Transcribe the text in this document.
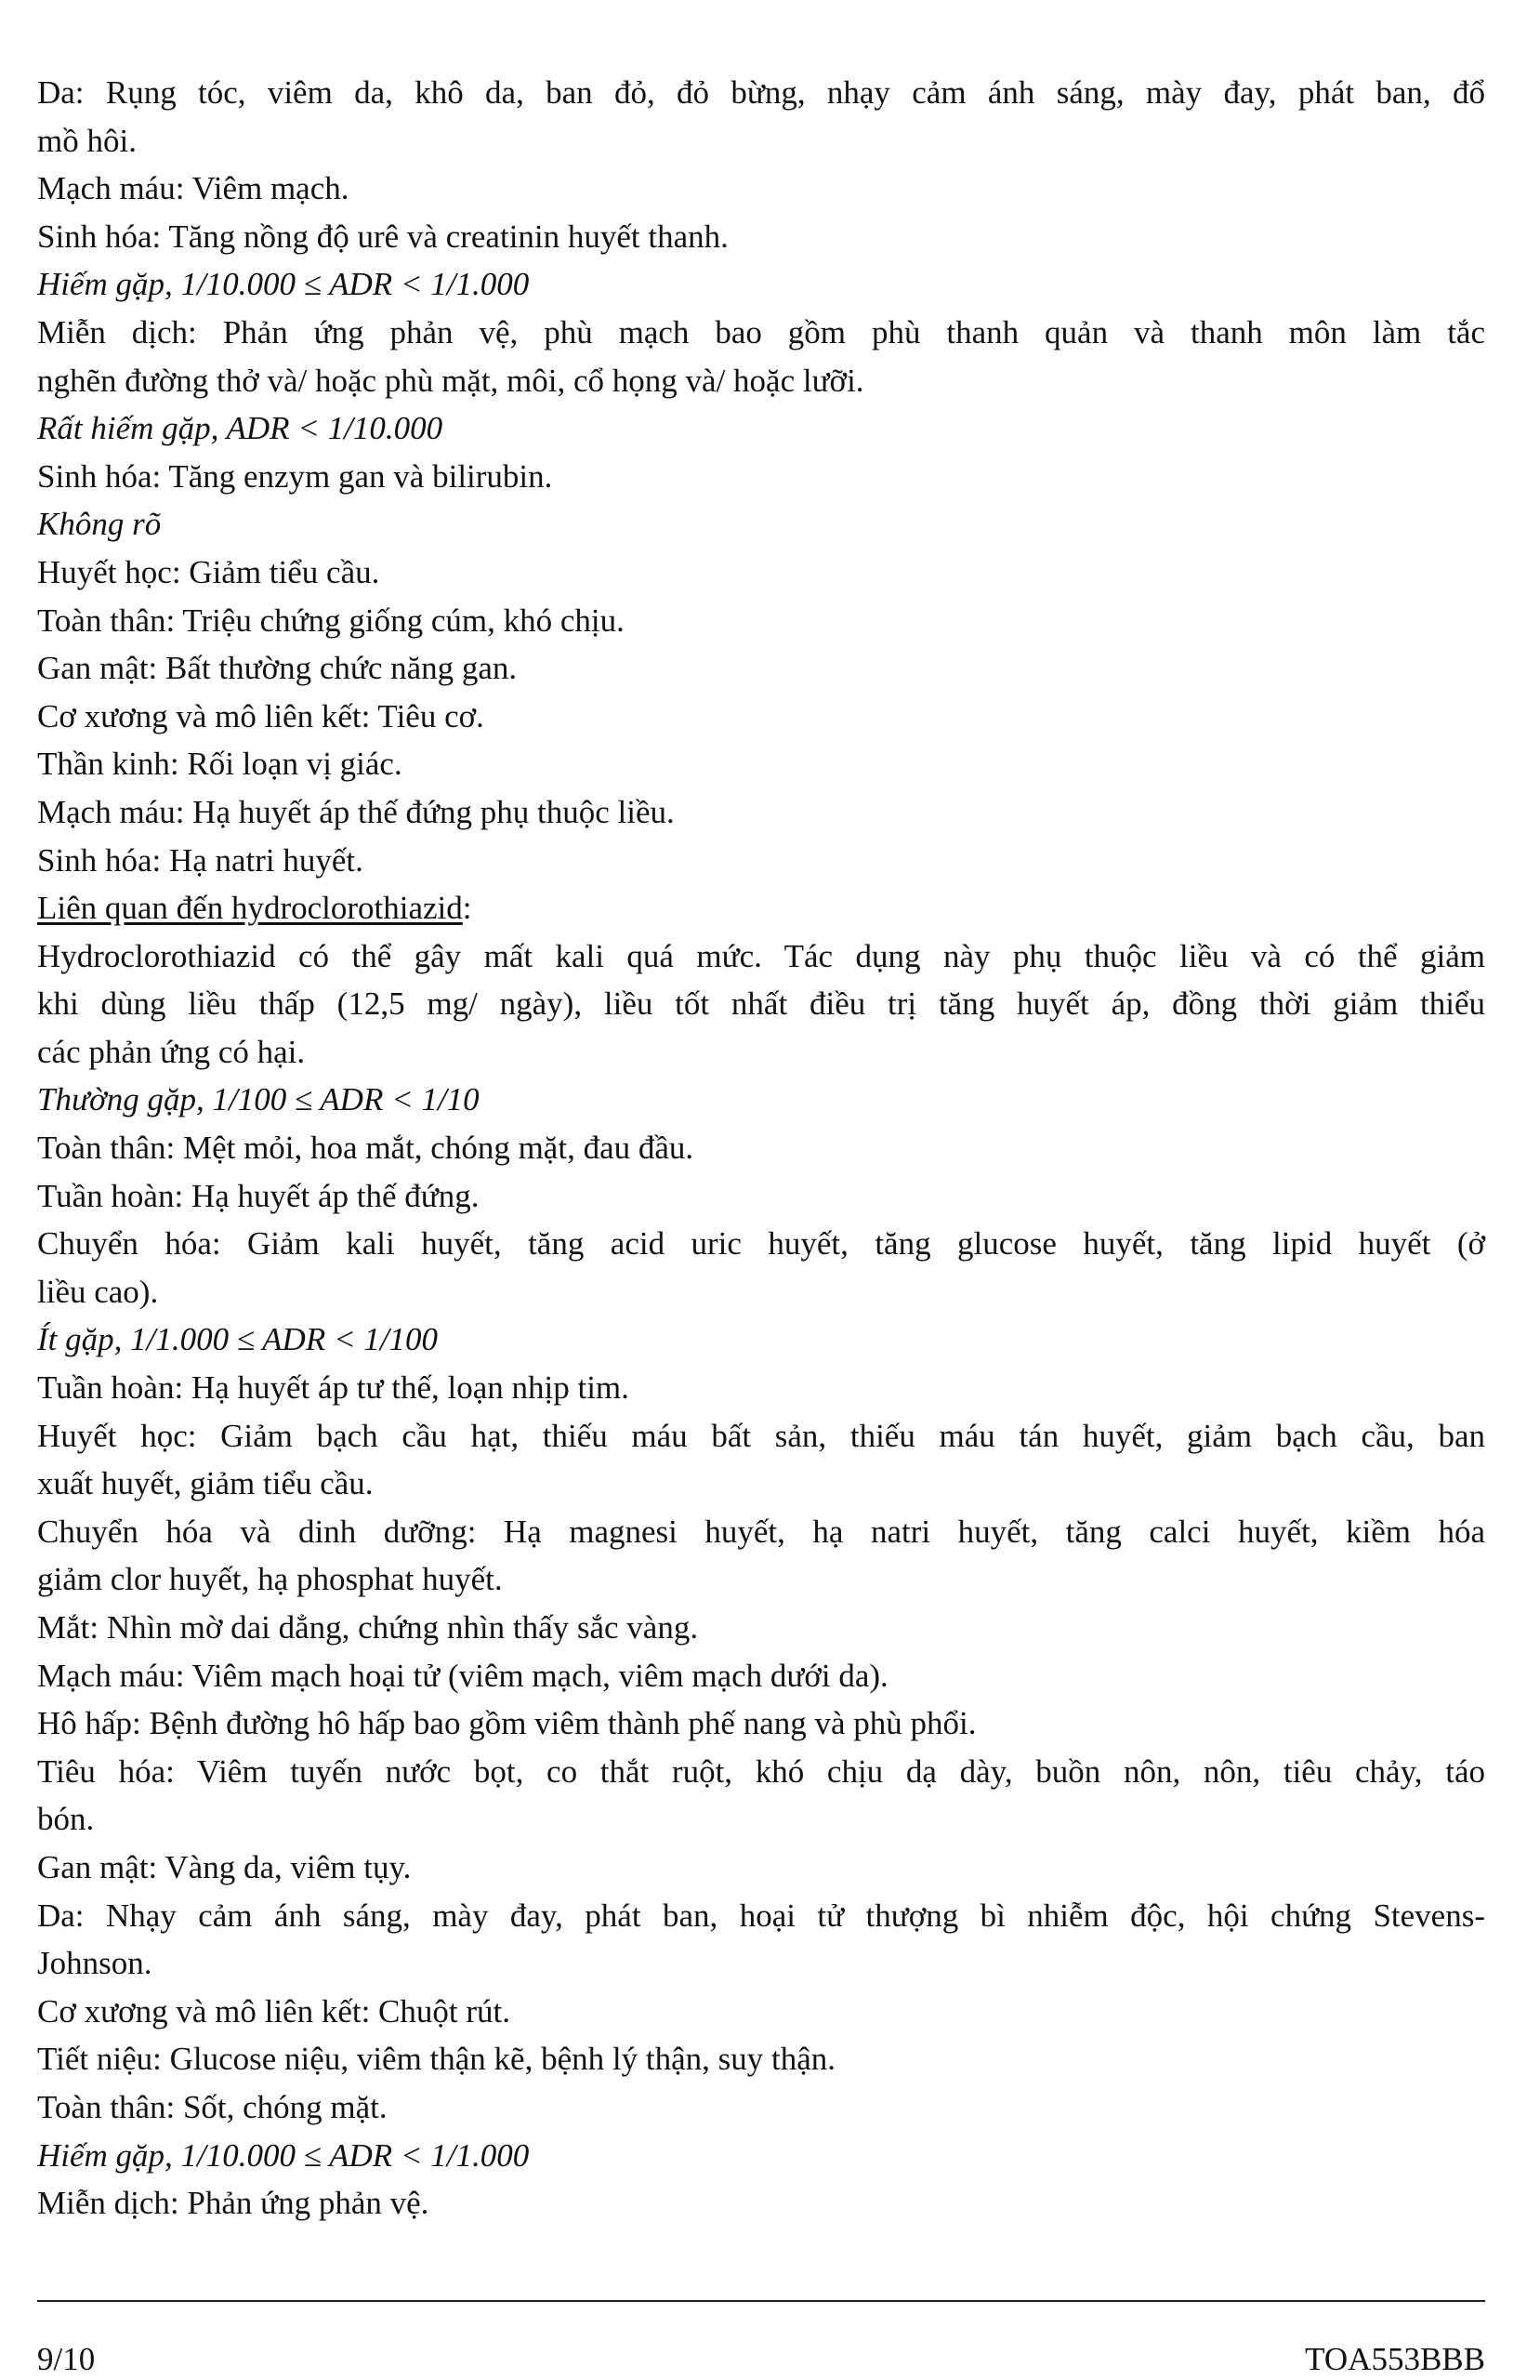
Da: Rụng tóc, viêm da, khô da, ban đỏ, đỏ bừng, nhạy cảm ánh sáng, mày đay, phát ban, đổ

mồ hôi.

Mạch máu: Viêm mạch.

Sinh hóa: Tăng nồng độ urê và creatinin huyết thanh.

Hiếm gặp, 1/10.000 ≤ ADR < 1/1.000

Miễn dịch: Phản ứng phản vệ, phù mạch bao gồm phù thanh quản và thanh môn làm tắc

nghẽn đường thở và/ hoặc phù mặt, môi, cổ họng và/ hoặc lưỡi.

Rất hiếm gặp, ADR < 1/10.000

Sinh hóa: Tăng enzym gan và bilirubin.

Không rõ

Huyết học: Giảm tiểu cầu.

Toàn thân: Triệu chứng giống cúm, khó chịu.

Gan mật: Bất thường chức năng gan.

Cơ xương và mô liên kết: Tiêu cơ.

Thần kinh: Rối loạn vị giác.

Mạch máu: Hạ huyết áp thế đứng phụ thuộc liều.

Sinh hóa: Hạ natri huyết.

Liên quan đến hydroclorothiazid:

Hydroclorothiazid có thể gây mất kali quá mức. Tác dụng này phụ thuộc liều và có thể giảm

khi dùng liều thấp (12,5 mg/ ngày), liều tốt nhất điều trị tăng huyết áp, đồng thời giảm thiểu

các phản ứng có hại.

Thường gặp, 1/100 ≤ ADR < 1/10

Toàn thân: Mệt mỏi, hoa mắt, chóng mặt, đau đầu.

Tuần hoàn: Hạ huyết áp thế đứng.

Chuyển hóa: Giảm kali huyết, tăng acid uric huyết, tăng glucose huyết, tăng lipid huyết (ở

liều cao).

Ít gặp, 1/1.000 ≤ ADR < 1/100

Tuần hoàn: Hạ huyết áp tư thế, loạn nhịp tim.

Huyết học: Giảm bạch cầu hạt, thiếu máu bất sản, thiếu máu tán huyết, giảm bạch cầu, ban

xuất huyết, giảm tiểu cầu.

Chuyển hóa và dinh dưỡng: Hạ magnesi huyết, hạ natri huyết, tăng calci huyết, kiềm hóa

giảm clor huyết, hạ phosphat huyết.

Mắt: Nhìn mờ dai dẳng, chứng nhìn thấy sắc vàng.

Mạch máu: Viêm mạch hoại tử (viêm mạch, viêm mạch dưới da).

Hô hấp: Bệnh đường hô hấp bao gồm viêm thành phế nang và phù phổi.

Tiêu hóa: Viêm tuyến nước bọt, co thắt ruột, khó chịu dạ dày, buồn nôn, nôn, tiêu chảy, táo

bón.

Gan mật: Vàng da, viêm tụy.

Da: Nhạy cảm ánh sáng, mày đay, phát ban, hoại tử thượng bì nhiễm độc, hội chứng Stevens-

Johnson.

Cơ xương và mô liên kết: Chuột rút.

Tiết niệu: Glucose niệu, viêm thận kẽ, bệnh lý thận, suy thận.

Toàn thân: Sốt, chóng mặt.

Hiếm gặp, 1/10.000 ≤ ADR < 1/1.000

Miễn dịch: Phản ứng phản vệ.

9/10	TOA553BBB
